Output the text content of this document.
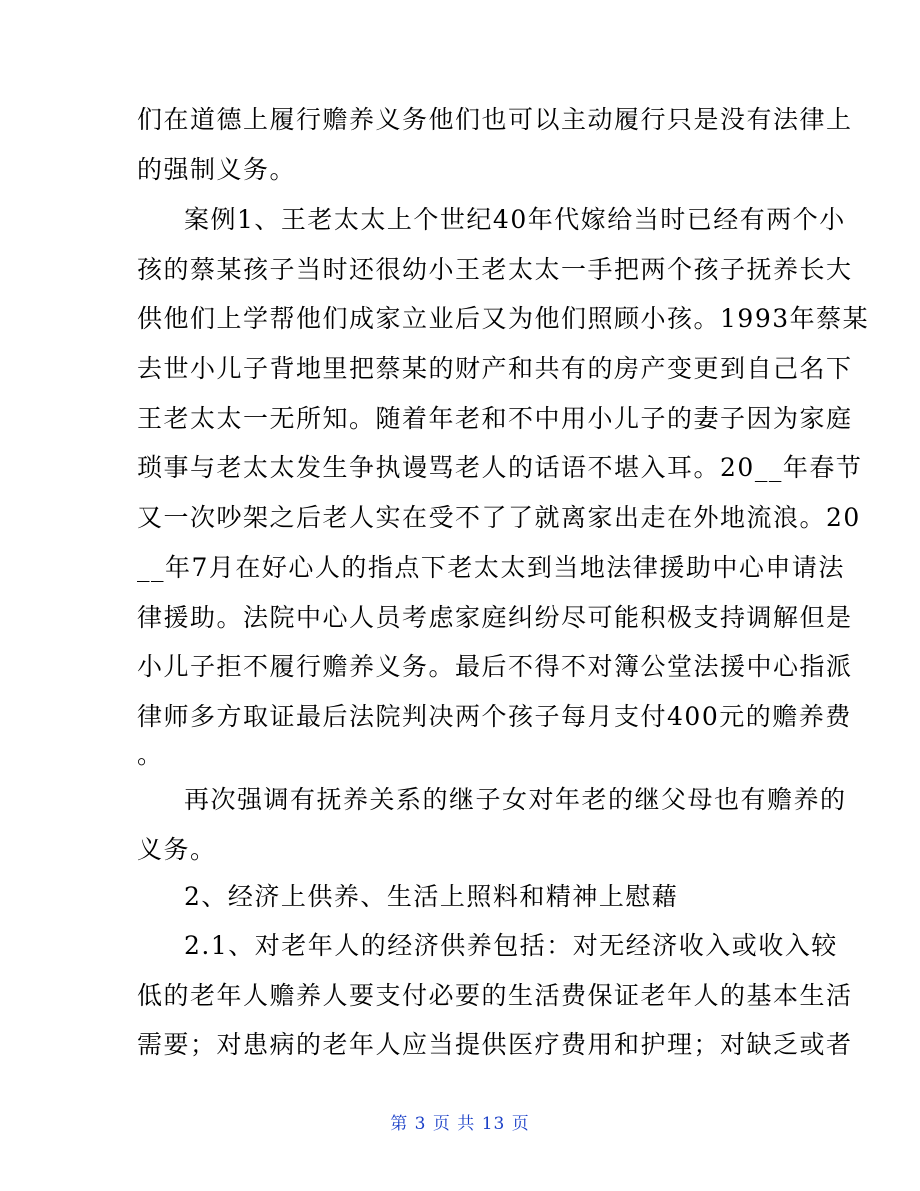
们在道德上履行赡养义务他们也可以主动履行只是没有法律上
的强制义务。
案例1、王老太太上个世纪40年代嫁给当时已经有两个小
孩的蔡某孩子当时还很幼小王老太太一手把两个孩子抚养长大
供他们上学帮他们成家立业后又为他们照顾小孩。1993年蔡某
去世小儿子背地里把蔡某的财产和共有的房产变更到自己名下
王老太太一无所知。随着年老和不中用小儿子的妻子因为家庭
琐事与老太太发生争执谩骂老人的话语不堪入耳。20__年春节
又一次吵架之后老人实在受不了了就离家出走在外地流浪。20
__年7月在好心人的指点下老太太到当地法律援助中心申请法
律援助。法院中心人员考虑家庭纠纷尽可能积极支持调解但是
小儿子拒不履行赡养义务。最后不得不对簿公堂法援中心指派
律师多方取证最后法院判决两个孩子每月支付400元的赡养费
。
再次强调有抚养关系的继子女对年老的继父母也有赡养的
义务。
2、经济上供养、生活上照料和精神上慰藉
2.1、对老年人的经济供养包括：对无经济收入或收入较
低的老年人赡养人要支付必要的生活费保证老年人的基本生活
需要；对患病的老年人应当提供医疗费用和护理；对缺乏或者
第 3 页 共 13 页
